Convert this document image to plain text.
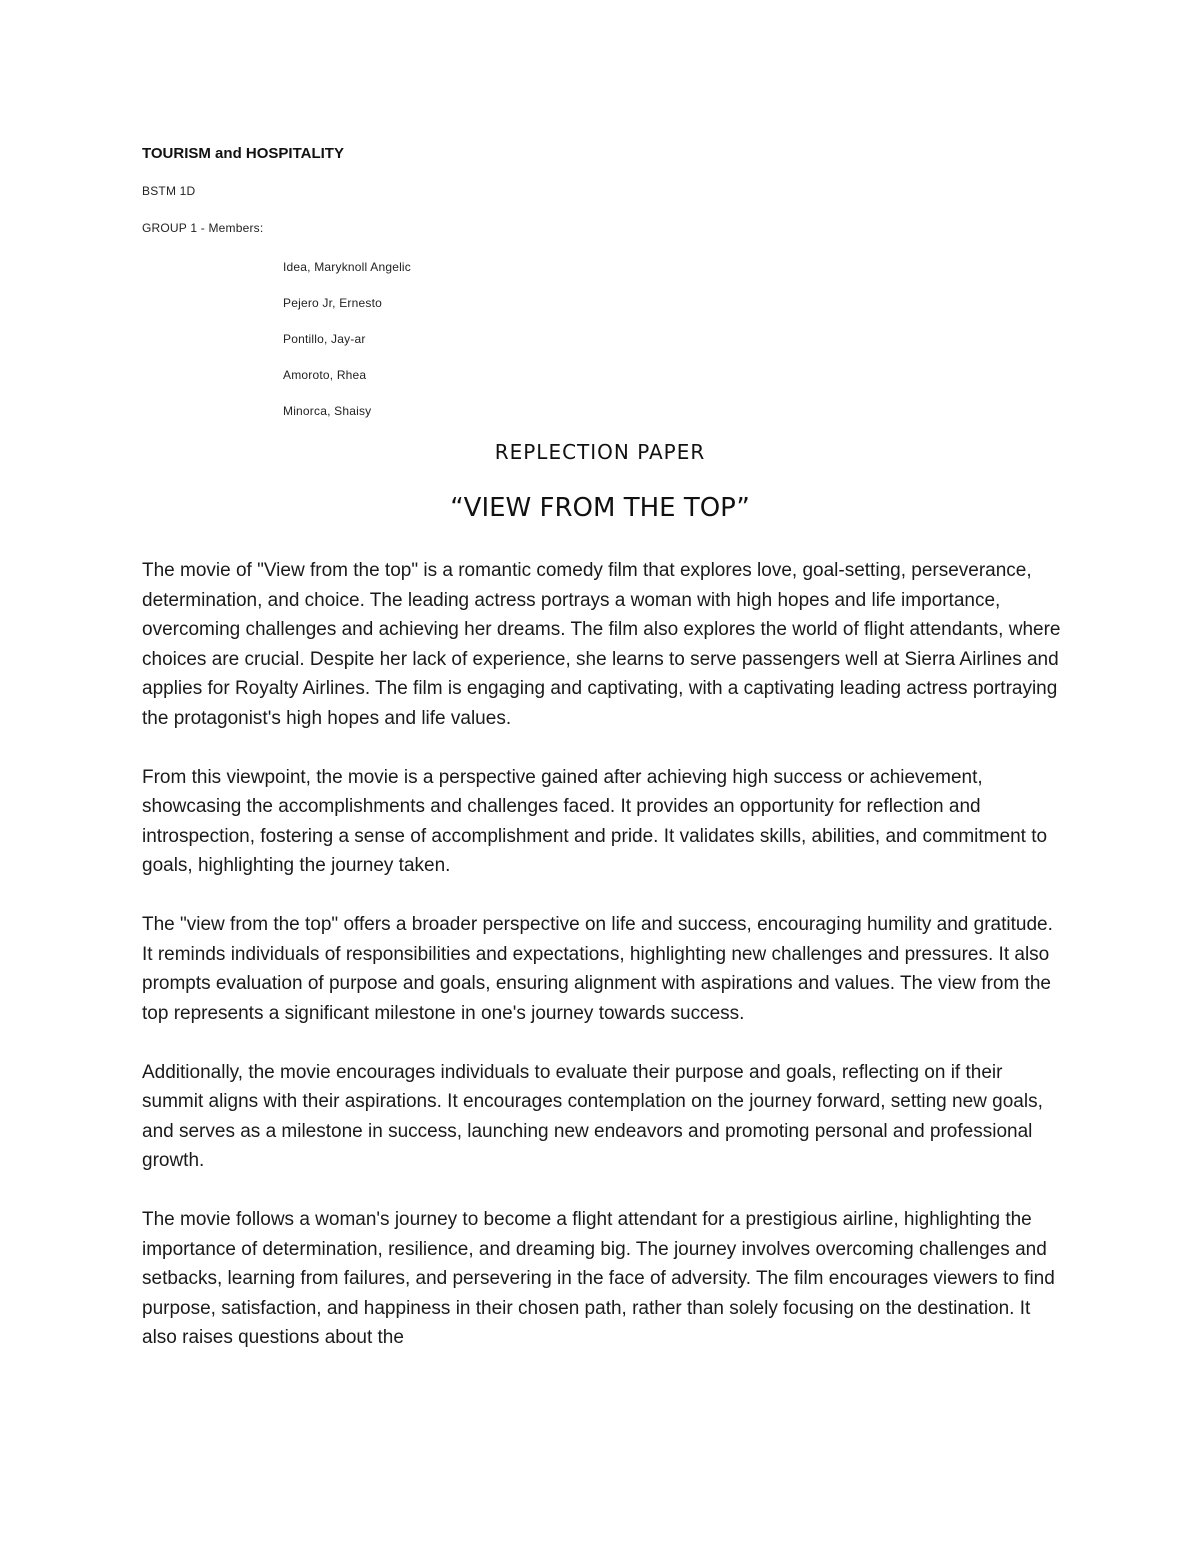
TOURISM and HOSPITALITY
BSTM 1D
GROUP 1 - Members:
Idea, Maryknoll Angelic
Pejero Jr, Ernesto
Pontillo, Jay-ar
Amoroto, Rhea
Minorca, Shaisy
REPLECTION PAPER
“VIEW FROM THE TOP”

The movie of "View from the top" is a romantic comedy film that explores love, goal-setting, perseverance, determination, and choice. The leading actress portrays a woman with high hopes and life importance, overcoming challenges and achieving her dreams. The film also explores the world of flight attendants, where choices are crucial. Despite her lack of experience, she learns to serve passengers well at Sierra Airlines and applies for Royalty Airlines. The film is engaging and captivating, with a captivating leading actress portraying the protagonist's high hopes and life values.

From this viewpoint, the movie is a perspective gained after achieving high success or achievement, showcasing the accomplishments and challenges faced. It provides an opportunity for reflection and introspection, fostering a sense of accomplishment and pride. It validates skills, abilities, and commitment to goals, highlighting the journey taken.

The "view from the top" offers a broader perspective on life and success, encouraging humility and gratitude. It reminds individuals of responsibilities and expectations, highlighting new challenges and pressures. It also prompts evaluation of purpose and goals, ensuring alignment with aspirations and values. The view from the top represents a significant milestone in one's journey towards success.

Additionally, the movie encourages individuals to evaluate their purpose and goals, reflecting on if their summit aligns with their aspirations. It encourages contemplation on the journey forward, setting new goals, and serves as a milestone in success, launching new endeavors and promoting personal and professional growth.

The movie follows a woman's journey to become a flight attendant for a prestigious airline, highlighting the importance of determination, resilience, and dreaming big. The journey involves overcoming challenges and setbacks, learning from failures, and persevering in the face of adversity. The film encourages viewers to find purpose, satisfaction, and happiness in their chosen path, rather than solely focusing on the destination. It also raises questions about the
